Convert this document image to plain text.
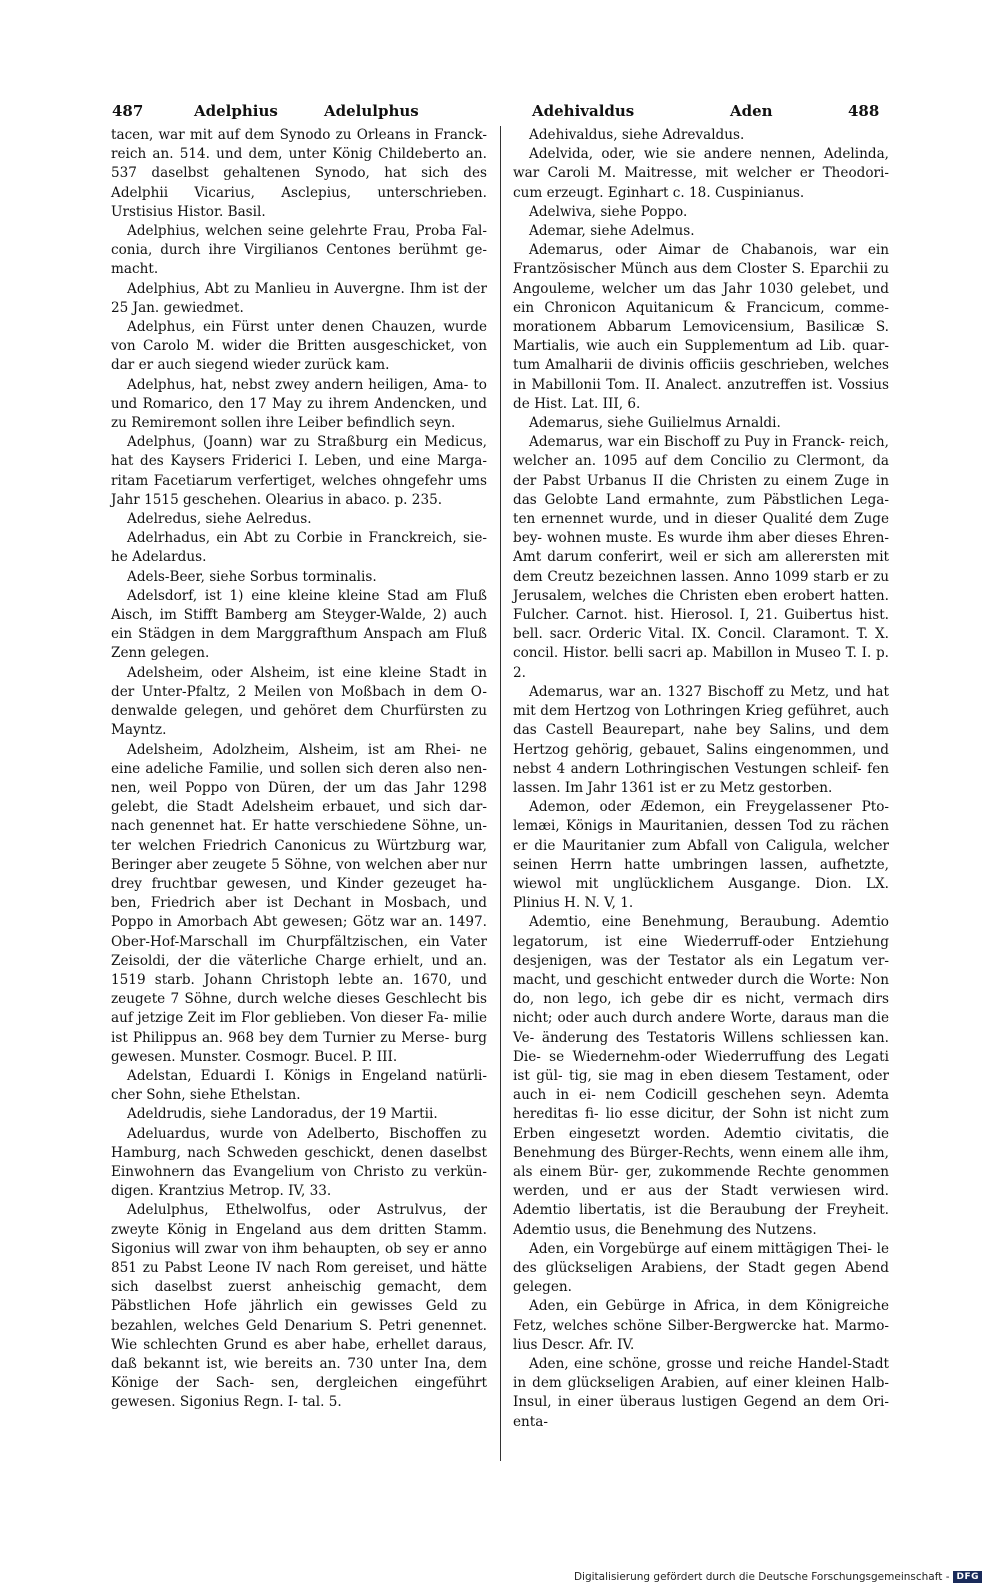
487	Adelphius	Adelulphus	Adehivaldus	Aden	488

tacen, war mit auf dem Synodo zu Orleans in Franck- reich an. 514. und dem, unter König Childeberto an. 537 daselbst gehaltenen Synodo, hat sich des Adelphii Vicarius, Asclepius, unterschrieben. Urstisius Histor. Basil.

Adelphius, welchen seine gelehrte Frau, Proba Fal- conia, durch ihre Virgilianos Centones berühmt ge- macht.

Adelphius, Abt zu Manlieu in Auvergne. Ihm ist der 25 Jan. gewiedmet.

Adelphus, ein Fürst unter denen Chauzen, wurde von Carolo M. wider die Britten ausgeschicket, von dar er auch siegend wieder zurück kam.

Adelphus, hat, nebst zwey andern heiligen, Ama- to und Romarico, den 17 May zu ihrem Andencken, und zu Remiremont sollen ihre Leiber befindlich seyn.

Adelphus, (Joann) war zu Straßburg ein Medicus, hat des Kaysers Friderici I. Leben, und eine Marga- ritam Facetiarum verfertiget, welches ohngefehr ums Jahr 1515 geschehen. Olearius in abaco. p. 235.

Adelredus, siehe Aelredus.

Adelrhadus, ein Abt zu Corbie in Franckreich, sie- he Adelardus.

Adels-Beer, siehe Sorbus torminalis.

Adelsdorf, ist 1) eine kleine kleine Stad am Fluß Aisch, im Stifft Bamberg am Steyger-Walde, 2) auch ein Städgen in dem Marggrafthum Anspach am Fluß Zenn gelegen.

Adelsheim, oder Alsheim, ist eine kleine Stadt in der Unter-Pfaltz, 2 Meilen von Moßbach in dem O- denwalde gelegen, und gehöret dem Churfürsten zu Mayntz.

Adelsheim, Adolzheim, Alsheim, ist am Rhei- ne eine adeliche Familie, und sollen sich deren also nen- nen, weil Poppo von Düren, der um das Jahr 1298 gelebt, die Stadt Adelsheim erbauet, und sich dar- nach genennet hat. Er hatte verschiedene Söhne, un- ter welchen Friedrich Canonicus zu Würtzburg war, Beringer aber zeugete 5 Söhne, von welchen aber nur drey fruchtbar gewesen, und Kinder gezeuget ha- ben, Friedrich aber ist Dechant in Mosbach, und Poppo in Amorbach Abt gewesen; Götz war an. 1497. Ober-Hof-Marschall im Churpfältzischen, ein Vater Zeisoldi, der die väterliche Charge erhielt, und an. 1519 starb. Johann Christoph lebte an. 1670, und zeugete 7 Söhne, durch welche dieses Geschlecht bis auf jetzige Zeit im Flor geblieben. Von dieser Fa- milie ist Philippus an. 968 bey dem Turnier zu Merse- burg gewesen. Munster. Cosmogr. Bucel. P. III.

Adelstan, Eduardi I. Königs in Engeland natürli- cher Sohn, siehe Ethelstan.

Adeldrudis, siehe Landoradus, der 19 Martii.

Adeluardus, wurde von Adelberto, Bischoffen zu Hamburg, nach Schweden geschickt, denen daselbst Einwohnern das Evangelium von Christo zu verkün- digen. Krantzius Metrop. IV, 33.

Adelulphus, Ethelwolfus, oder Astrulvus, der zweyte König in Engeland aus dem dritten Stamm. Sigonius will zwar von ihm behaupten, ob sey er anno 851 zu Pabst Leone IV nach Rom gereiset, und hätte sich daselbst zuerst anheischig gemacht, dem Päbstlichen Hofe jährlich ein gewisses Geld zu bezahlen, welches Geld Denarium S. Petri genennet. Wie schlechten Grund es aber habe, erhellet daraus, daß bekannt ist, wie bereits an. 730 unter Ina, dem Könige der Sach- sen, dergleichen eingeführt gewesen. Sigonius Regn. I- tal. 5.

Adehivaldus, siehe Adrevaldus.

Adelvida, oder, wie sie andere nennen, Adelinda, war Caroli M. Maitresse, mit welcher er Theodori- cum erzeugt. Eginhart c. 18. Cuspinianus.

Adelwiva, siehe Poppo.

Ademar, siehe Adelmus.

Ademarus, oder Aimar de Chabanois, war ein Frantzösischer Münch aus dem Closter S. Eparchii zu Angouleme, welcher um das Jahr 1030 gelebet, und ein Chronicon Aquitanicum & Francicum, comme- morationem Abbarum Lemovicensium, Basilicæ S. Martialis, wie auch ein Supplementum ad Lib. quar- tum Amalharii de divinis officiis geschrieben, welches in Mabillonii Tom. II. Analect. anzutreffen ist. Vossius de Hist. Lat. III, 6.

Ademarus, siehe Guilielmus Arnaldi.

Ademarus, war ein Bischoff zu Puy in Franck- reich, welcher an. 1095 auf dem Concilio zu Clermont, da der Pabst Urbanus II die Christen zu einem Zuge in das Gelobte Land ermahnte, zum Päbstlichen Lega- ten ernennet wurde, und in dieser Qualité dem Zuge bey- wohnen muste. Es wurde ihm aber dieses Ehren- Amt darum conferirt, weil er sich am allerersten mit dem Creutz bezeichnen lassen. Anno 1099 starb er zu Jerusalem, welches die Christen eben erobert hatten. Fulcher. Carnot. hist. Hierosol. I, 21. Guibertus hist. bell. sacr. Orderic Vital. IX. Concil. Claramont. T. X. concil. Histor. belli sacri ap. Mabillon in Museo T. I. p. 2.

Ademarus, war an. 1327 Bischoff zu Metz, und hat mit dem Hertzog von Lothringen Krieg geführet, auch das Castell Beaurepart, nahe bey Salins, und dem Hertzog gehörig, gebauet, Salins eingenommen, und nebst 4 andern Lothringischen Vestungen schleif- fen lassen. Im Jahr 1361 ist er zu Metz gestorben.

Ademon, oder Ædemon, ein Freygelassener Pto- lemæi, Königs in Mauritanien, dessen Tod zu rächen er die Mauritanier zum Abfall von Caligula, welcher seinen Herrn hatte umbringen lassen, aufhetzte, wiewol mit unglücklichem Ausgange. Dion. LX. Plinius H. N. V, 1.

Ademtio, eine Benehmung, Beraubung. Ademtio legatorum, ist eine Wiederruff-oder Entziehung desjenigen, was der Testator als ein Legatum ver- macht, und geschicht entweder durch die Worte: Non do, non lego, ich gebe dir es nicht, vermach dirs nicht; oder auch durch andere Worte, daraus man die Ve- änderung des Testatoris Willens schliessen kan. Die- se Wiedernehm-oder Wiederruffung des Legati ist gül- tig, sie mag in eben diesem Testament, oder auch in ei- nem Codicill geschehen seyn. Ademta hereditas fi- lio esse dicitur, der Sohn ist nicht zum Erben eingesetzt worden. Ademtio civitatis, die Benehmung des Bürger-Rechts, wenn einem alle ihm, als einem Bür- ger, zukommende Rechte genommen werden, und er aus der Stadt verwiesen wird. Ademtio libertatis, ist die Beraubung der Freyheit. Ademtio usus, die Benehmung des Nutzens.

Aden, ein Vorgebürge auf einem mittägigen Thei- le des glückseligen Arabiens, der Stadt gegen Abend gelegen.

Aden, ein Gebürge in Africa, in dem Königreiche Fetz, welches schöne Silber-Bergwercke hat. Marmo- lius Descr. Afr. IV.

Aden, eine schöne, grosse und reiche Handel-Stadt in dem glückseligen Arabien, auf einer kleinen Halb- Insul, in einer überaus lustigen Gegend an dem Ori- enta-

Digitalisierung gefördert durch die Deutsche Forschungsgemeinschaft - DFG
